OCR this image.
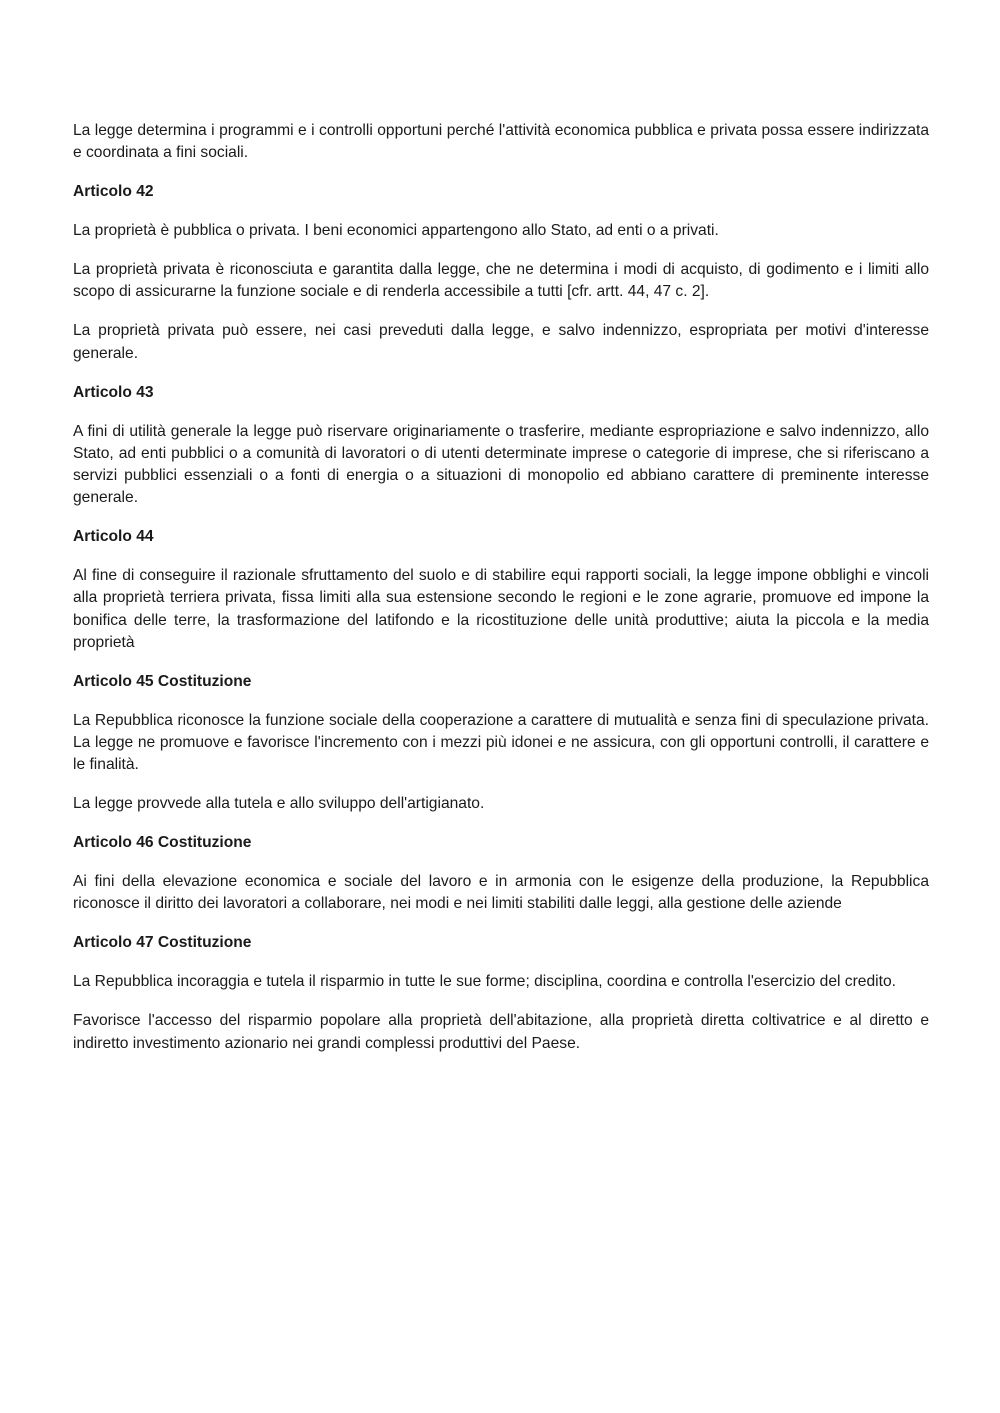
La legge determina i programmi e i controlli opportuni perché l'attività economica pubblica e privata possa essere indirizzata e coordinata a fini sociali.

Articolo 42

La proprietà è pubblica o privata. I beni economici appartengono allo Stato, ad enti o a privati.

La proprietà privata è riconosciuta e garantita dalla legge, che ne determina i modi di acquisto, di godimento e i limiti allo scopo di assicurarne la funzione sociale e di renderla accessibile a tutti [cfr. artt. 44, 47 c. 2].

La proprietà privata può essere, nei casi preveduti dalla legge, e salvo indennizzo, espropriata per motivi d'interesse generale.

Articolo 43

A fini di utilità generale la legge può riservare originariamente o trasferire, mediante espropriazione e salvo indennizzo, allo Stato, ad enti pubblici o a comunità di lavoratori o di utenti determinate imprese o categorie di imprese, che si riferiscano a servizi pubblici essenziali o a fonti di energia o a situazioni di monopolio ed abbiano carattere di preminente interesse generale.

Articolo 44

Al fine di conseguire il razionale sfruttamento del suolo e di stabilire equi rapporti sociali, la legge impone obblighi e vincoli alla proprietà terriera privata, fissa limiti alla sua estensione secondo le regioni e le zone agrarie, promuove ed impone la bonifica delle terre, la trasformazione del latifondo e la ricostituzione delle unità produttive; aiuta la piccola e la media proprietà

Articolo 45 Costituzione

La Repubblica riconosce la funzione sociale della cooperazione a carattere di mutualità e senza fini di speculazione privata. La legge ne promuove e favorisce l'incremento con i mezzi più idonei e ne assicura, con gli opportuni controlli, il carattere e le finalità.

La legge provvede alla tutela e allo sviluppo dell'artigianato.

Articolo 46 Costituzione

Ai fini della elevazione economica e sociale del lavoro e in armonia con le esigenze della produzione, la Repubblica riconosce il diritto dei lavoratori a collaborare, nei modi e nei limiti stabiliti dalle leggi, alla gestione delle aziende

Articolo 47 Costituzione

La Repubblica incoraggia e tutela il risparmio in tutte le sue forme; disciplina, coordina e controlla l'esercizio del credito.

Favorisce l'accesso del risparmio popolare alla proprietà dell'abitazione, alla proprietà diretta coltivatrice e al diretto e indiretto investimento azionario nei grandi complessi produttivi del Paese.
